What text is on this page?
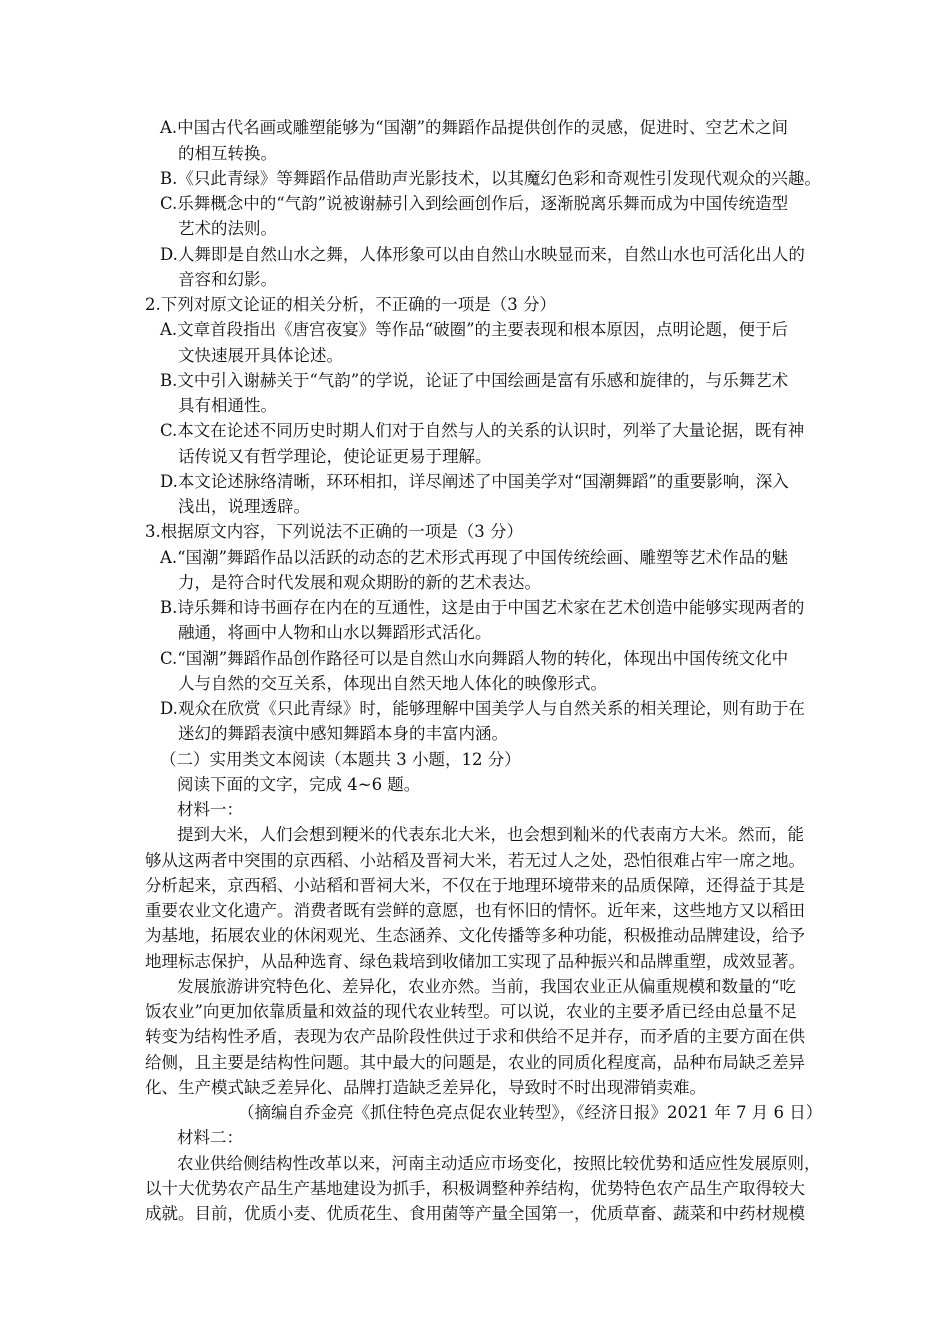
A.中国古代名画或雕塑能够为“国潮”的舞蹈作品提供创作的灵感，促进时、空艺术之间
的相互转换。
B.《只此青绿》等舞蹈作品借助声光影技术，以其魔幻色彩和奇观性引发现代观众的兴趣。
C.乐舞概念中的“气韵”说被谢赫引入到绘画创作后，逐渐脱离乐舞而成为中国传统造型
艺术的法则。
D.人舞即是自然山水之舞，人体形象可以由自然山水映显而来，自然山水也可活化出人的
音容和幻影。
2.下列对原文论证的相关分析，不正确的一项是（3 分）
A.文章首段指出《唐宫夜宴》等作品“破圈”的主要表现和根本原因，点明论题，便于后
文快速展开具体论述。
B.文中引入谢赫关于“气韵”的学说，论证了中国绘画是富有乐感和旋律的，与乐舞艺术
具有相通性。
C.本文在论述不同历史时期人们对于自然与人的关系的认识时，列举了大量论据，既有神
话传说又有哲学理论，使论证更易于理解。
D.本文论述脉络清晰，环环相扣，详尽阐述了中国美学对“国潮舞蹈”的重要影响，深入
浅出，说理透辟。
3.根据原文内容，下列说法不正确的一项是（3 分）
A.“国潮”舞蹈作品以活跃的动态的艺术形式再现了中国传统绘画、雕塑等艺术作品的魅
力，是符合时代发展和观众期盼的新的艺术表达。
B.诗乐舞和诗书画存在内在的互通性，这是由于中国艺术家在艺术创造中能够实现两者的
融通，将画中人物和山水以舞蹈形式活化。
C.“国潮”舞蹈作品创作路径可以是自然山水向舞蹈人物的转化，体现出中国传统文化中
人与自然的交互关系，体现出自然天地人体化的映像形式。
D.观众在欣赏《只此青绿》时，能够理解中国美学人与自然关系的相关理论，则有助于在
迷幻的舞蹈表演中感知舞蹈本身的丰富内涵。
（二）实用类文本阅读（本题共 3 小题，12 分）
阅读下面的文字，完成 4~6 题。
材料一：
提到大米，人们会想到粳米的代表东北大米，也会想到籼米的代表南方大米。然而，能
够从这两者中突围的京西稻、小站稻及晋祠大米，若无过人之处，恐怕很难占牢一席之地。
分析起来，京西稻、小站稻和晋祠大米，不仅在于地理环境带来的品质保障，还得益于其是
重要农业文化遗产。消费者既有尝鲜的意愿，也有怀旧的情怀。近年来，这些地方又以稻田
为基地，拓展农业的休闲观光、生态涵养、文化传播等多种功能，积极推动品牌建设，给予
地理标志保护，从品种选育、绿色栽培到收储加工实现了品种振兴和品牌重塑，成效显著。
发展旅游讲究特色化、差异化，农业亦然。当前，我国农业正从偏重规模和数量的“吃
饭农业”向更加依靠质量和效益的现代农业转型。可以说，农业的主要矛盾已经由总量不足
转变为结构性矛盾，表现为农产品阶段性供过于求和供给不足并存，而矛盾的主要方面在供
给侧，且主要是结构性问题。其中最大的问题是，农业的同质化程度高，品种布局缺乏差异
化、生产模式缺乏差异化、品牌打造缺乏差异化，导致时不时出现滞销卖难。
（摘编自乔金亮《抓住特色亮点促农业转型》，《经济日报》2021 年 7 月 6 日）
材料二：
农业供给侧结构性改革以来，河南主动适应市场变化，按照比较优势和适应性发展原则，
以十大优势农产品生产基地建设为抓手，积极调整种养结构，优势特色农产品生产取得较大
成就。目前，优质小麦、优质花生、食用菌等产量全国第一，优质草畜、蔬菜和中药材规模
